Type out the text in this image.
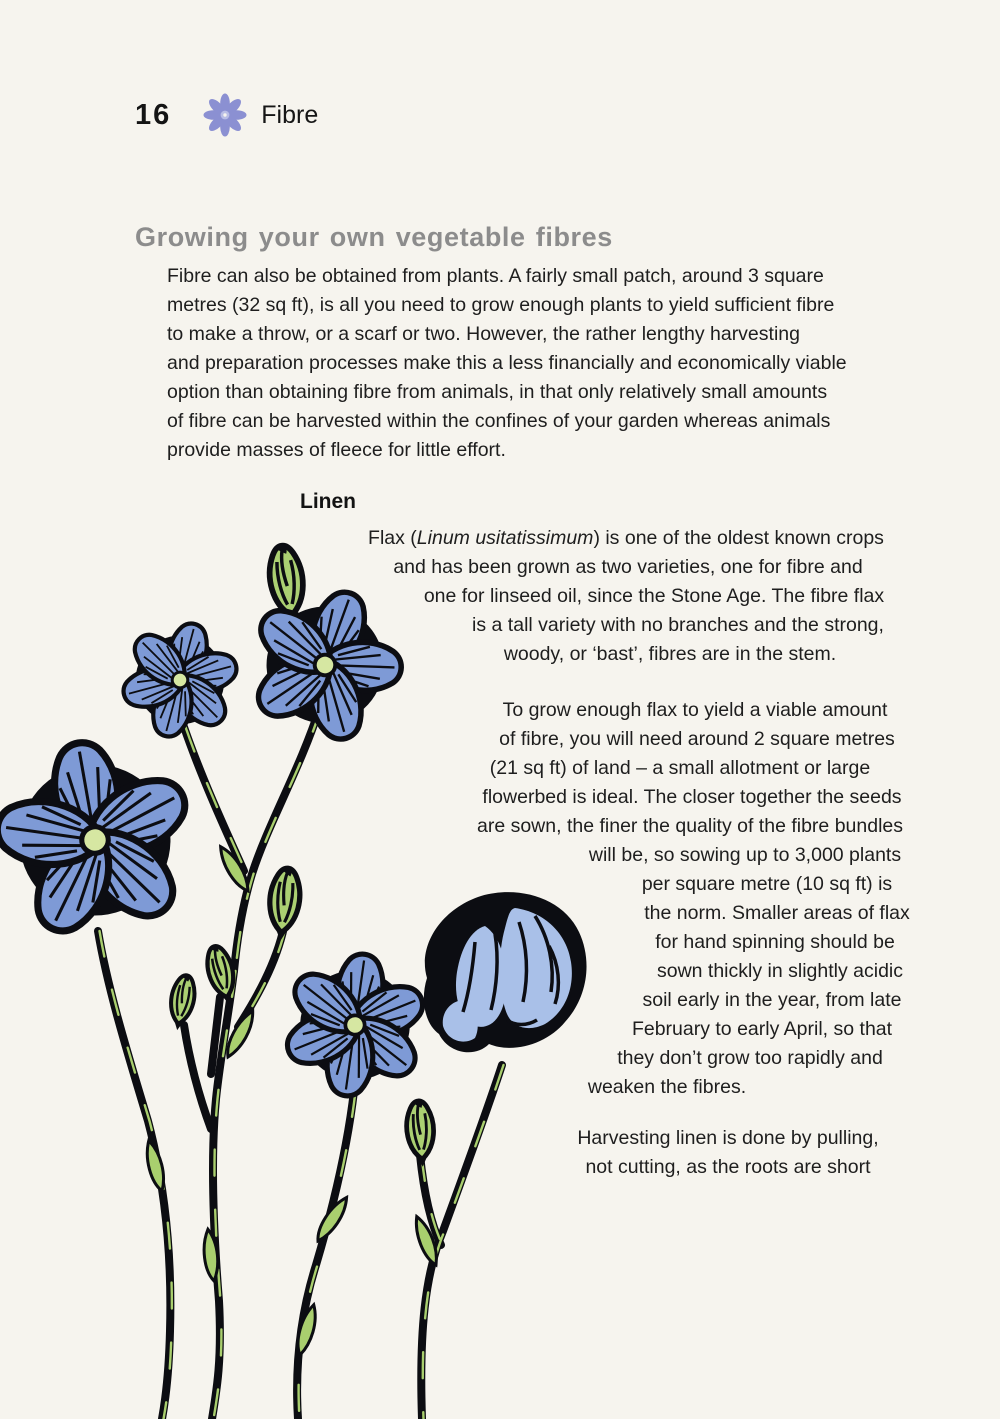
16	Fibre
Growing your own vegetable fibres
Fibre can also be obtained from plants. A fairly small patch, around 3 square
metres (32 sq ft), is all you need to grow enough plants to yield sufficient fibre
to make a throw, or a scarf or two. However, the rather lengthy harvesting
and preparation processes make this a less financially and economically viable
option than obtaining fibre from animals, in that only relatively small amounts
of fibre can be harvested within the confines of your garden whereas animals
provide masses of fleece for little effort.
Linen
Flax (Linum usitatissimum) is one of the oldest known crops
and has been grown as two varieties, one for fibre and
one for linseed oil, since the Stone Age. The fibre flax
is a tall variety with no branches and the strong,
woody, or ‘bast’, fibres are in the stem.
To grow enough flax to yield a viable amount
of fibre, you will need around 2 square metres
(21 sq ft) of land – a small allotment or large
flowerbed is ideal. The closer together the seeds
are sown, the finer the quality of the fibre bundles
will be, so sowing up to 3,000 plants
per square metre (10 sq ft) is
the norm. Smaller areas of flax
for hand spinning should be
sown thickly in slightly acidic
soil early in the year, from late
February to early April, so that
they don’t grow too rapidly and
weaken the fibres.
Harvesting linen is done by pulling,
not cutting, as the roots are short
